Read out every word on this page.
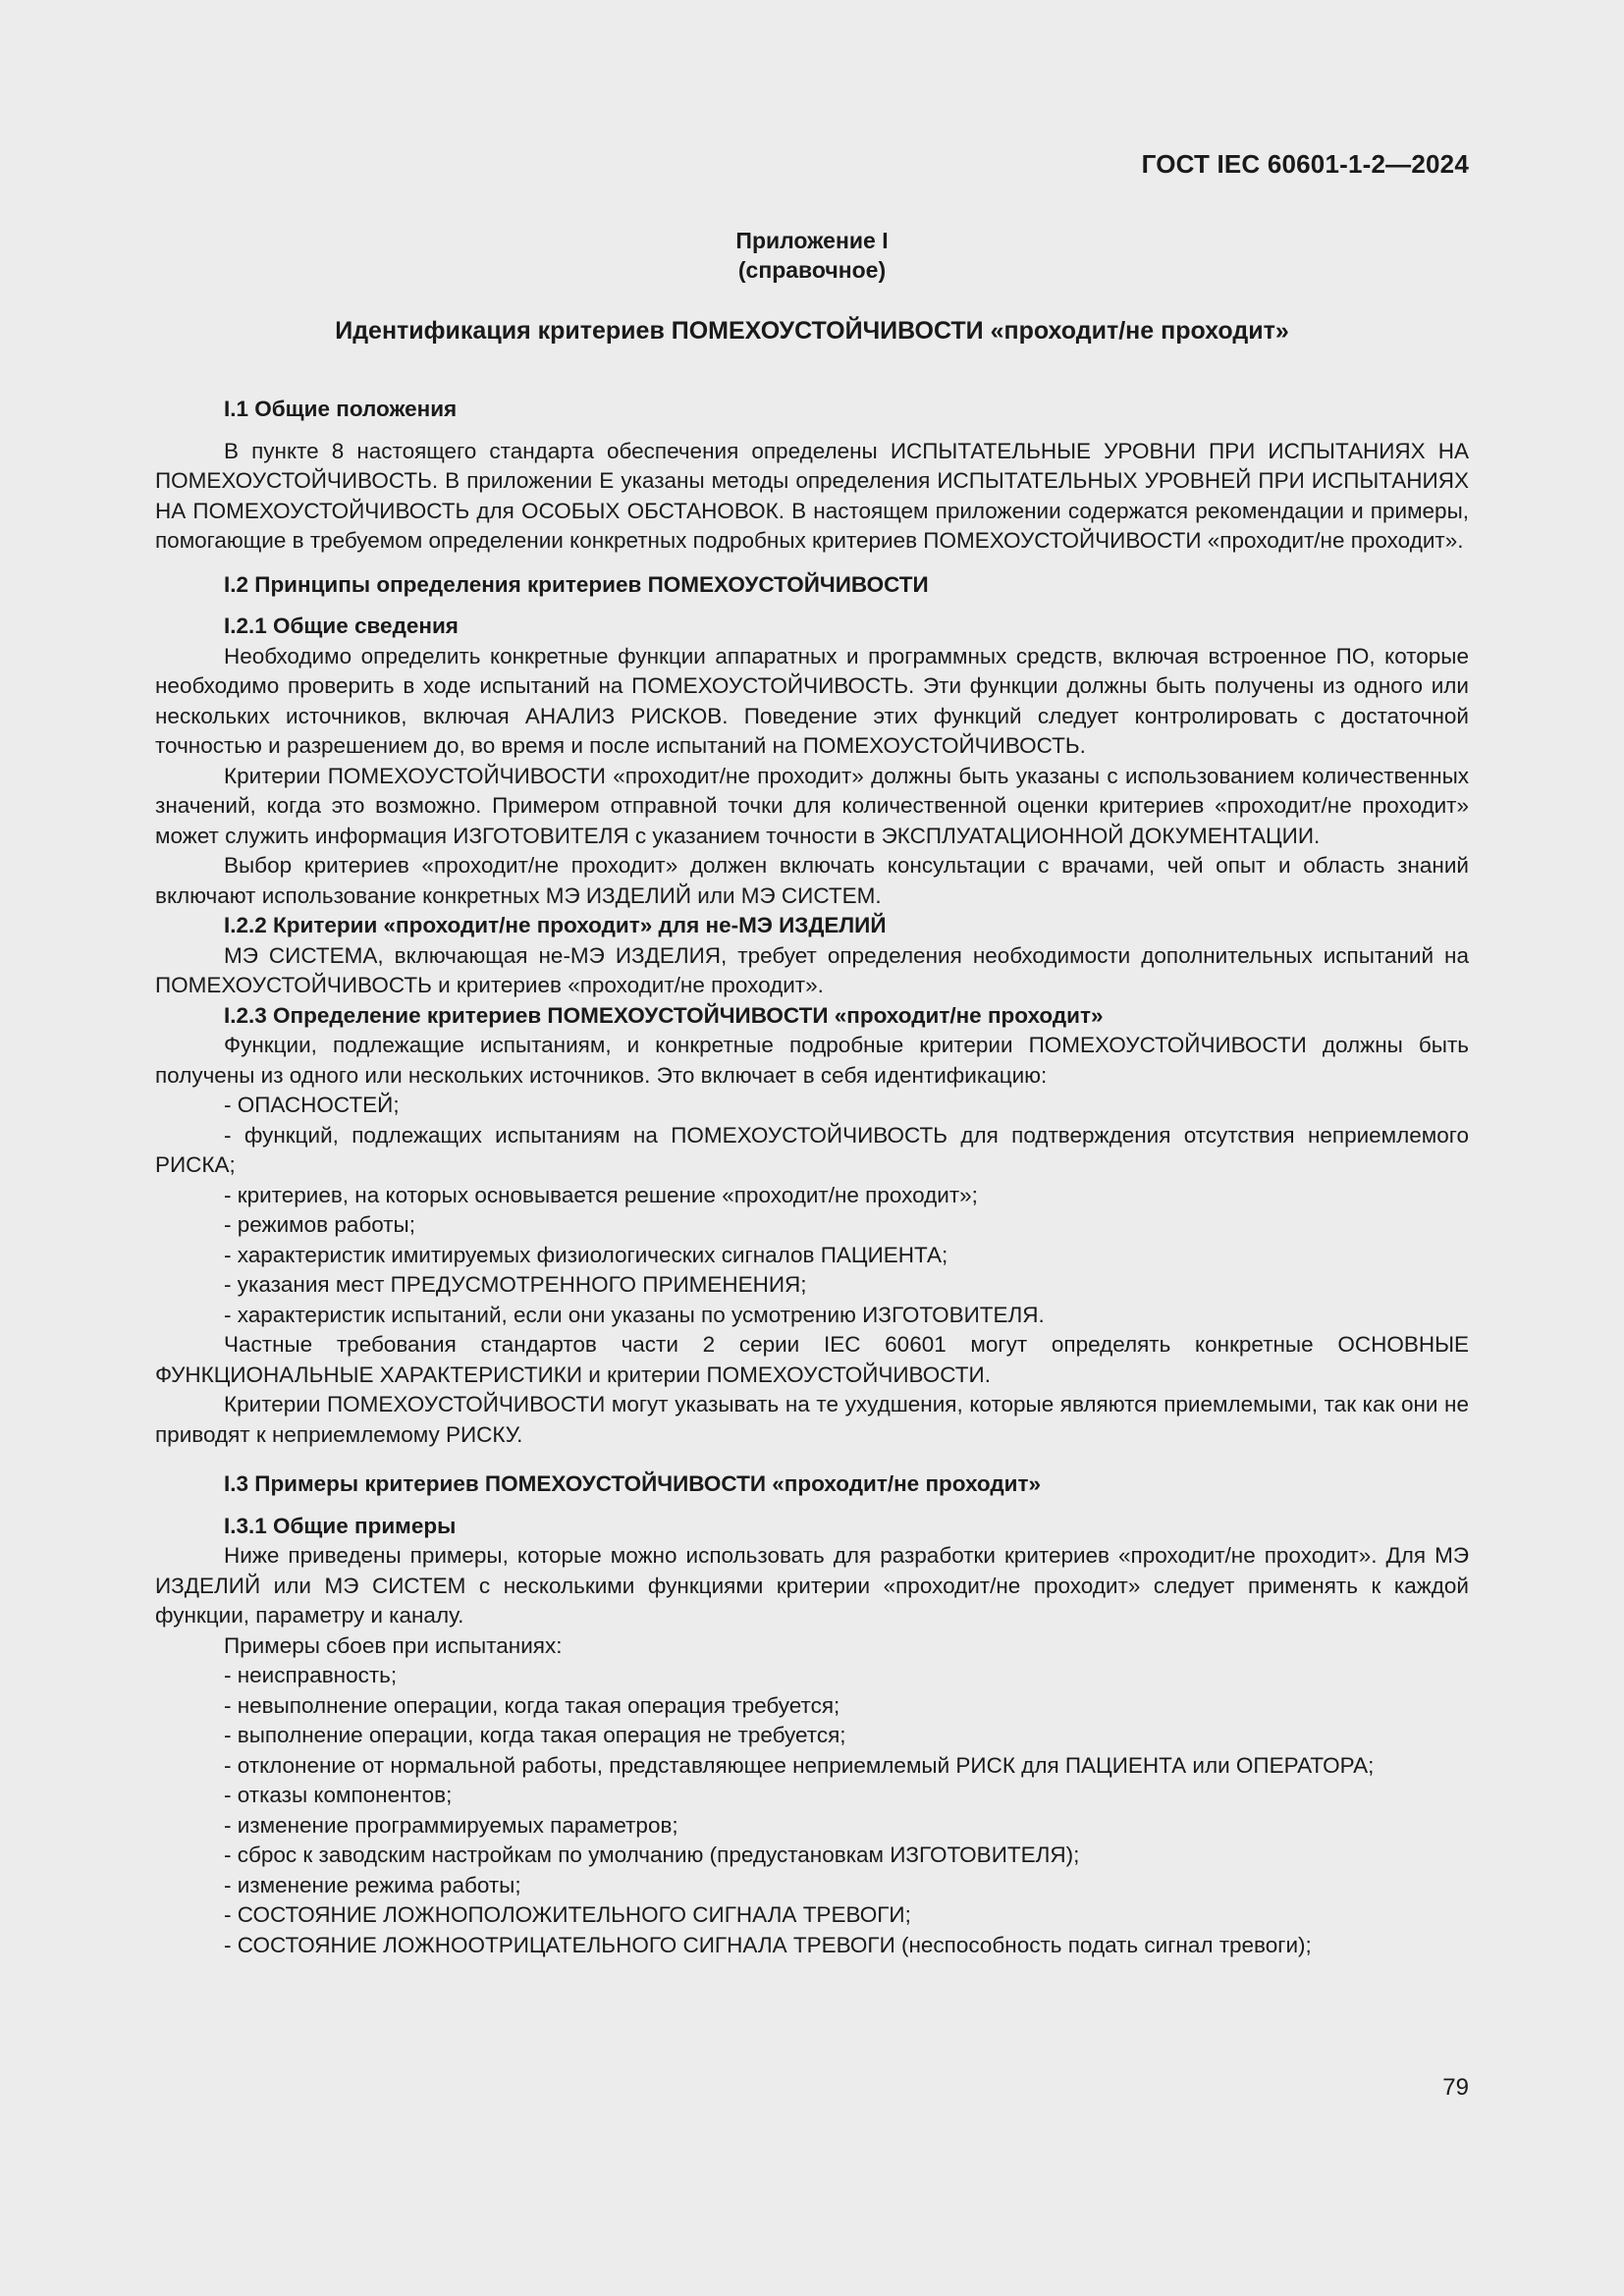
ГОСТ IEC 60601-1-2—2024
Приложение I
(справочное)
Идентификация критериев ПОМЕХОУСТОЙЧИВОСТИ «проходит/не проходит»

I.1 Общие положения

В пункте 8 настоящего стандарта обеспечения определены ИСПЫТАТЕЛЬНЫЕ УРОВНИ ПРИ ИСПЫТАНИЯХ НА ПОМЕХОУСТОЙЧИВОСТЬ. В приложении Е указаны методы определения ИСПЫТАТЕЛЬНЫХ УРОВНЕЙ ПРИ ИСПЫТАНИЯХ НА ПОМЕХОУСТОЙЧИВОСТЬ для ОСОБЫХ ОБСТАНОВОК. В настоящем приложении содержатся рекомендации и примеры, помогающие в требуемом определении конкретных подробных критериев ПОМЕХОУСТОЙЧИВОСТИ «проходит/не проходит».

I.2 Принципы определения критериев ПОМЕХОУСТОЙЧИВОСТИ

I.2.1 Общие сведения

Необходимо определить конкретные функции аппаратных и программных средств, включая встроенное ПО, которые необходимо проверить в ходе испытаний на ПОМЕХОУСТОЙЧИВОСТЬ. Эти функции должны быть получены из одного или нескольких источников, включая АНАЛИЗ РИСКОВ. Поведение этих функций следует контролировать с достаточной точностью и разрешением до, во время и после испытаний на ПОМЕХОУСТОЙЧИВОСТЬ.

Критерии ПОМЕХОУСТОЙЧИВОСТИ «проходит/не проходит» должны быть указаны с использованием количественных значений, когда это возможно. Примером отправной точки для количественной оценки критериев «проходит/не проходит» может служить информация ИЗГОТОВИТЕЛЯ с указанием точности в ЭКСПЛУАТАЦИОННОЙ ДОКУМЕНТАЦИИ.

Выбор критериев «проходит/не проходит» должен включать консультации с врачами, чей опыт и область знаний включают использование конкретных МЭ ИЗДЕЛИЙ или МЭ СИСТЕМ.

I.2.2 Критерии «проходит/не проходит» для не-МЭ ИЗДЕЛИЙ

МЭ СИСТЕМА, включающая не-МЭ ИЗДЕЛИЯ, требует определения необходимости дополнительных испытаний на ПОМЕХОУСТОЙЧИВОСТЬ и критериев «проходит/не проходит».

I.2.3 Определение критериев ПОМЕХОУСТОЙЧИВОСТИ «проходит/не проходит»

Функции, подлежащие испытаниям, и конкретные подробные критерии ПОМЕХОУСТОЙЧИВОСТИ должны быть получены из одного или нескольких источников. Это включает в себя идентификацию:

- ОПАСНОСТЕЙ;

- функций, подлежащих испытаниям на ПОМЕХОУСТОЙЧИВОСТЬ для подтверждения отсутствия неприемлемого РИСКА;

- критериев, на которых основывается решение «проходит/не проходит»;

- режимов работы;

- характеристик имитируемых физиологических сигналов ПАЦИЕНТА;

- указания мест ПРЕДУСМОТРЕННОГО ПРИМЕНЕНИЯ;

- характеристик испытаний, если они указаны по усмотрению ИЗГОТОВИТЕЛЯ.

Частные требования стандартов части 2 серии IEC 60601 могут определять конкретные ОСНОВНЫЕ ФУНКЦИОНАЛЬНЫЕ ХАРАКТЕРИСТИКИ и критерии ПОМЕХОУСТОЙЧИВОСТИ.

Критерии ПОМЕХОУСТОЙЧИВОСТИ могут указывать на те ухудшения, которые являются приемлемыми, так как они не приводят к неприемлемому РИСКУ.

I.3 Примеры критериев ПОМЕХОУСТОЙЧИВОСТИ «проходит/не проходит»

I.3.1 Общие примеры

Ниже приведены примеры, которые можно использовать для разработки критериев «проходит/не проходит». Для МЭ ИЗДЕЛИЙ или МЭ СИСТЕМ с несколькими функциями критерии «проходит/не проходит» следует применять к каждой функции, параметру и каналу.

Примеры сбоев при испытаниях:

- неисправность;

- невыполнение операции, когда такая операция требуется;

- выполнение операции, когда такая операция не требуется;

- отклонение от нормальной работы, представляющее неприемлемый РИСК для ПАЦИЕНТА или ОПЕРАТОРА;

- отказы компонентов;

- изменение программируемых параметров;

- сброс к заводским настройкам по умолчанию (предустановкам ИЗГОТОВИТЕЛЯ);

- изменение режима работы;

- СОСТОЯНИЕ ЛОЖНОПОЛОЖИТЕЛЬНОГО СИГНАЛА ТРЕВОГИ;

- СОСТОЯНИЕ ЛОЖНООТРИЦАТЕЛЬНОГО СИГНАЛА ТРЕВОГИ (неспособность подать сигнал тревоги);

79
